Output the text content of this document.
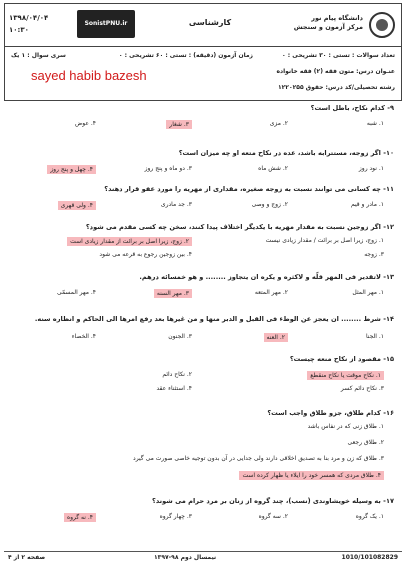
دانشگاه پیام نور
مرکز آزمون و سنجش
کارشناسی
SonistPNU.ir
۱۳۹۸/۰۴/۰۴
۱۰:۳۰
تعداد سوالات : تستی : ۳۰ تشریحی : ۰
زمان آزمون (دقیقه) : تستی : ۶۰ تشریحی : ۰
سری سوال : ۱ یک
عنـوان درس: متون فقه (۲) فقه خانواده
رشته تحصیلی/کد درس: حقوق ۱۲۲۰۲۵۵
sayed habib bazesh
۹- کدام نکاح، باطل است؟
۱. شبه
۲. مزی
۳. شغار
۴. عوض
۱۰- اگر زوجه، مستترابه باشد، عده در نکاح متعه او چه میزان است؟
۱. نود روز
۲. شش ماه
۳. دو ماه و پنج روز
۴. چهل و پنج روز
۱۱- چه کسانی می توانند نسبت به زوجه صغیره، مقداری از مهریه را مورد عفو قرار دهند؟
۱. مادر و قیم
۲. زوج و وصی
۳. جد مادری
۴. ولی قهری
۱۲- اگر زوجین نسبت به مقدار مهریه با یکدیگر اختلاف پیدا کنند، سخن چه کسی مقدم می شود؟
۱. زوج، زیرا اصل بر برائت / مقدار زیادی نیست
۲. زوج، زیرا اصل بر برائت از مقدار زیادی است
۳. زوجه
۴. بین زوجین رجوع به قرعه می شود
۱۳- لاتقدیر فی المهر قلّه و لاکثره و یکره ان یتجاوز ........ و هو خمسائه درهم.
۱. مهر المثل
۲. مهر المتعه
۳. مهر السنه
۴. مهر المسمّی
۱۴- شرط ........ ان یعجز عن الوطء فی القبل و الدبر منها و من غیرها بعد رفع امرها الی الحاکم و انظاره سنه.
۱. الجنا
۲. العنه
۳. الجنون
۴. الخصاء
۱۵- مقصود از نکاح منعه چیست؟
۱. نکاح موقت یا نکاح منقطع
۲. نکاح دائم
۳. نکاح دائم کسر
۴. استثناء عقد
۱۶- کدام طلاق، جزو طلاق واجب است؟
۱. طلاق زنی که در نفاس باشد
۲. طلاق رجعی
۳. طلاق که زن و مرد بنا به تصدیق اخلاقی دارند ولی جدایی در آن بدون توجیه خاصی صورت می گیرد
۴. طلاق مردی که همسر خود را ایلاء یا ظهار کرده است
۱۷- به وسیله خویشاوندی (نسب)، چند گروه از زنان بر مرد حرام می شوند؟
۱. یک گروه
۲. سه گروه
۳. چهار گروه
۴. نه گروه
صفحه ۲ از ۴	نیمسال دوم ۹۸-۱۳۹۷	1010/101082829
